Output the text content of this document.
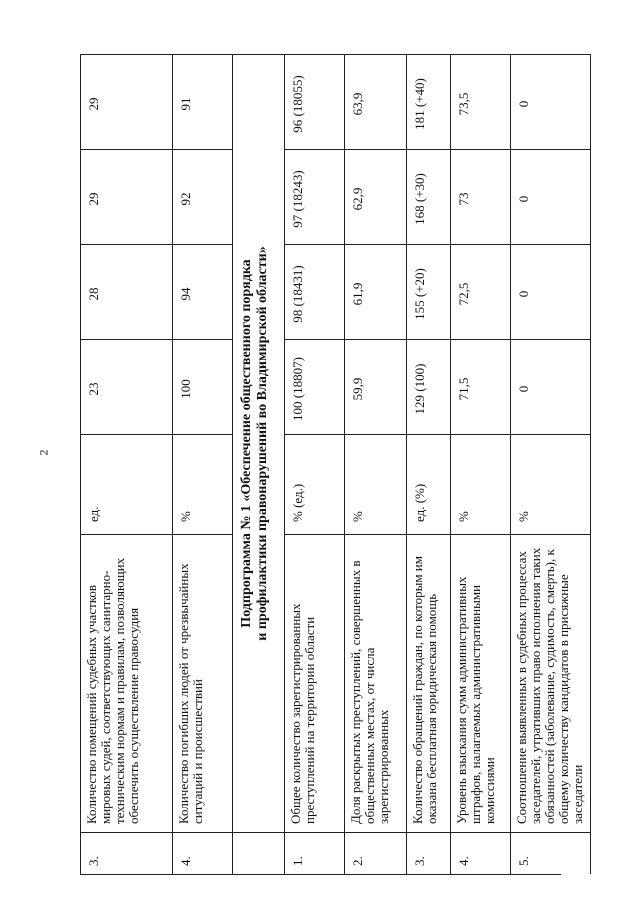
2
3.
Количество помещений судебных участков мировых судей, соответствующих санитарно-техническим нормам и правилам, позволяющих обеспечить осуществление правосудия
ед.
23
28
29
29
4.
Количество погибших людей от чрезвычайных ситуаций и происшествий
%
100
94
92
91
Подпрограмма № 1 «Обеспечение общественного порядка и профилактики правонарушений во Владимирской области»
1.
Общее количество зарегистрированных преступлений на территории области
% (ед.)
100 (18807)
98 (18431)
97 (18243)
96 (18055)
2.
Доля раскрытых преступлений, совершенных в общественных местах, от числа зарегистрированных
%
59,9
61,9
62,9
63,9
3.
Количество обращений граждан, по которым им оказана бесплатная юридическая помощь
ед. (%)
129 (100)
155 (+20)
168 (+30)
181 (+40)
4.
Уровень взыскания сумм административных штрафов, налагаемых административными комиссиями
%
71,5
72,5
73
73,5
5.
Соотношение выявленных в судебных процессах заседателей, утративших право исполнения таких обязанностей (заболевание, судимость, смерть), к общему количеству кандидатов в присяжные заседатели
%
0
0
0
0
